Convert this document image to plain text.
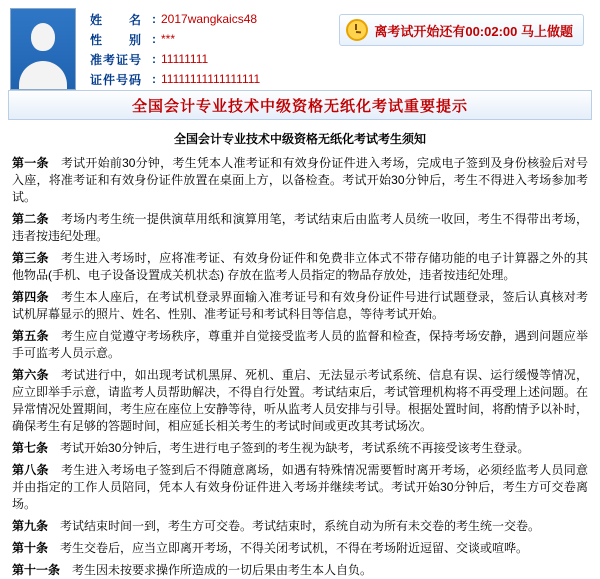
姓　　名 : 2017wangkaics48
性　　别 : ***
准考证号 : 11111111
证件号码 : 11111111111111111
离考试开始还有00:02:00 马上做题
全国会计专业技术中级资格无纸化考试重要提示
全国会计专业技术中级资格无纸化考试考生须知
第一条　考试开始前30分钟，考生凭本人准考证和有效身份证件进入考场，完成电子签到及身份核验后对号入座，将准考证和有效身份证件放置在桌面上方，以备检查。考试开始30分钟后，考生不得进入考场参加考试。
第二条　考场内考生统一提供演草用纸和演算用笔，考试结束后由监考人员统一收回，考生不得带出考场，违者按违纪处理。
第三条　考生进入考场时，应将准考证、有效身份证件和免费非立体式不带存储功能的电子计算器之外的其他物品(手机、电子设备设置成关机状态) 存放在监考人员指定的物品存放处，违者按违纪处理。
第四条　考生本人座后，在考试机登录界面输入准考证号和有效身份证件号进行试题登录，签后认真核对考试机屏幕显示的照片、姓名、性别、准考证号和考试科目等信息，等待考试开始。
第五条　考生应自觉遵守考场秩序，尊重并自觉接受监考人员的监督和检查，保持考场安静，遇到问题应举手可监考人员示意。
第六条　考试进行中，如出现考试机黑屏、死机、重启、无法显示考试系统、信息有误、运行缓慢等情况，应立即举手示意，请监考人员帮助解决，不得自行处置。考试结束后，考试管理机构将不再受理上述问题。在异常情况处置期间，考生应在座位上安静等待，听从监考人员安排与引导。根据处置时间，将酌情予以补时，确保考生有足够的答题时间，相应延长相关考生的考试时间或更改其考试场次。
第七条　考试开始30分钟后，考生进行电子签到的考生视为缺考，考试系统不再接受该考生登录。
第八条　考生进入考场电子签到后不得随意离场，如遇有特殊情况需要暂时离开考场，必须经监考人员同意并由指定的工作人员陪同，凭本人有效身份证件进入考场并继续考试。考试开始30分钟后，考生方可交卷离场。
第九条　考试结束时间一到，考生方可交卷。考试结束时，系统自动为所有未交卷的考生统一交卷。
第十条　考生交卷后，应当立即离开考场，不得关闭考试机，不得在考场附近逗留、交谈或喧哗。
第十一条　考生因未按要求操作所造成的一切后果由考生本人自负。
